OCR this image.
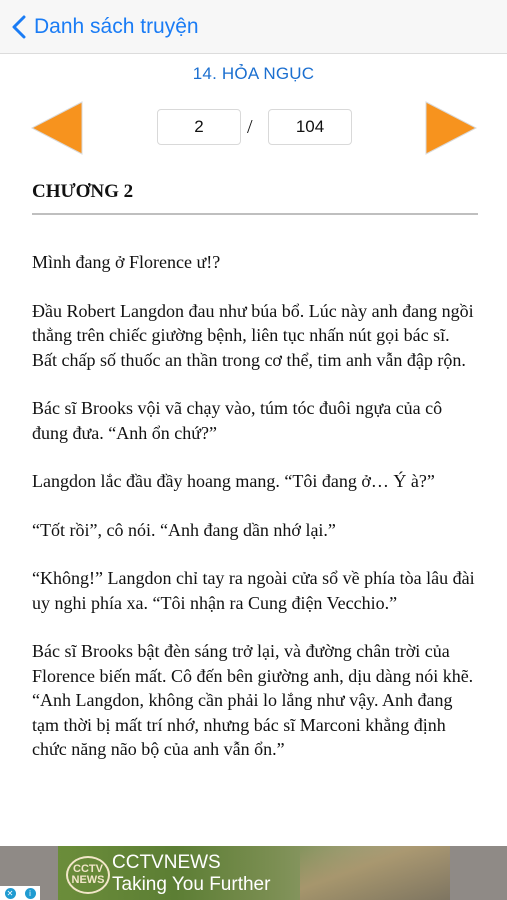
Danh sách truyện
14. HỎA NGỤC
2	/	104
CHƯƠNG 2

Mình đang ở Florence ư!?

Đầu Robert Langdon đau như búa bổ. Lúc này anh đang ngồi thẳng trên chiếc giường bệnh, liên tục nhấn nút gọi bác sĩ. Bất chấp số thuốc an thần trong cơ thể, tim anh vẫn đập rộn.

Bác sĩ Brooks vội vã chạy vào, túm tóc đuôi ngựa của cô đung đưa. “Anh ổn chứ?”

Langdon lắc đầu đầy hoang mang. “Tôi đang ở… Ý à?”

“Tốt rồi”, cô nói. “Anh đang dần nhớ lại.”

“Không!” Langdon chỉ tay ra ngoài cửa sổ về phía tòa lâu đài uy nghi phía xa. “Tôi nhận ra Cung điện Vecchio.”

Bác sĩ Brooks bật đèn sáng trở lại, và đường chân trời của Florence biến mất. Cô đến bên giường anh, dịu dàng nói khẽ. “Anh Langdon, không cần phải lo lắng như vậy. Anh đang tạm thời bị mất trí nhớ, nhưng bác sĩ Marconi khẳng định chức năng não bộ của anh vẫn ổn.”

CCTV NEWS
CCTVNEWS
Taking You Further
✕	i
